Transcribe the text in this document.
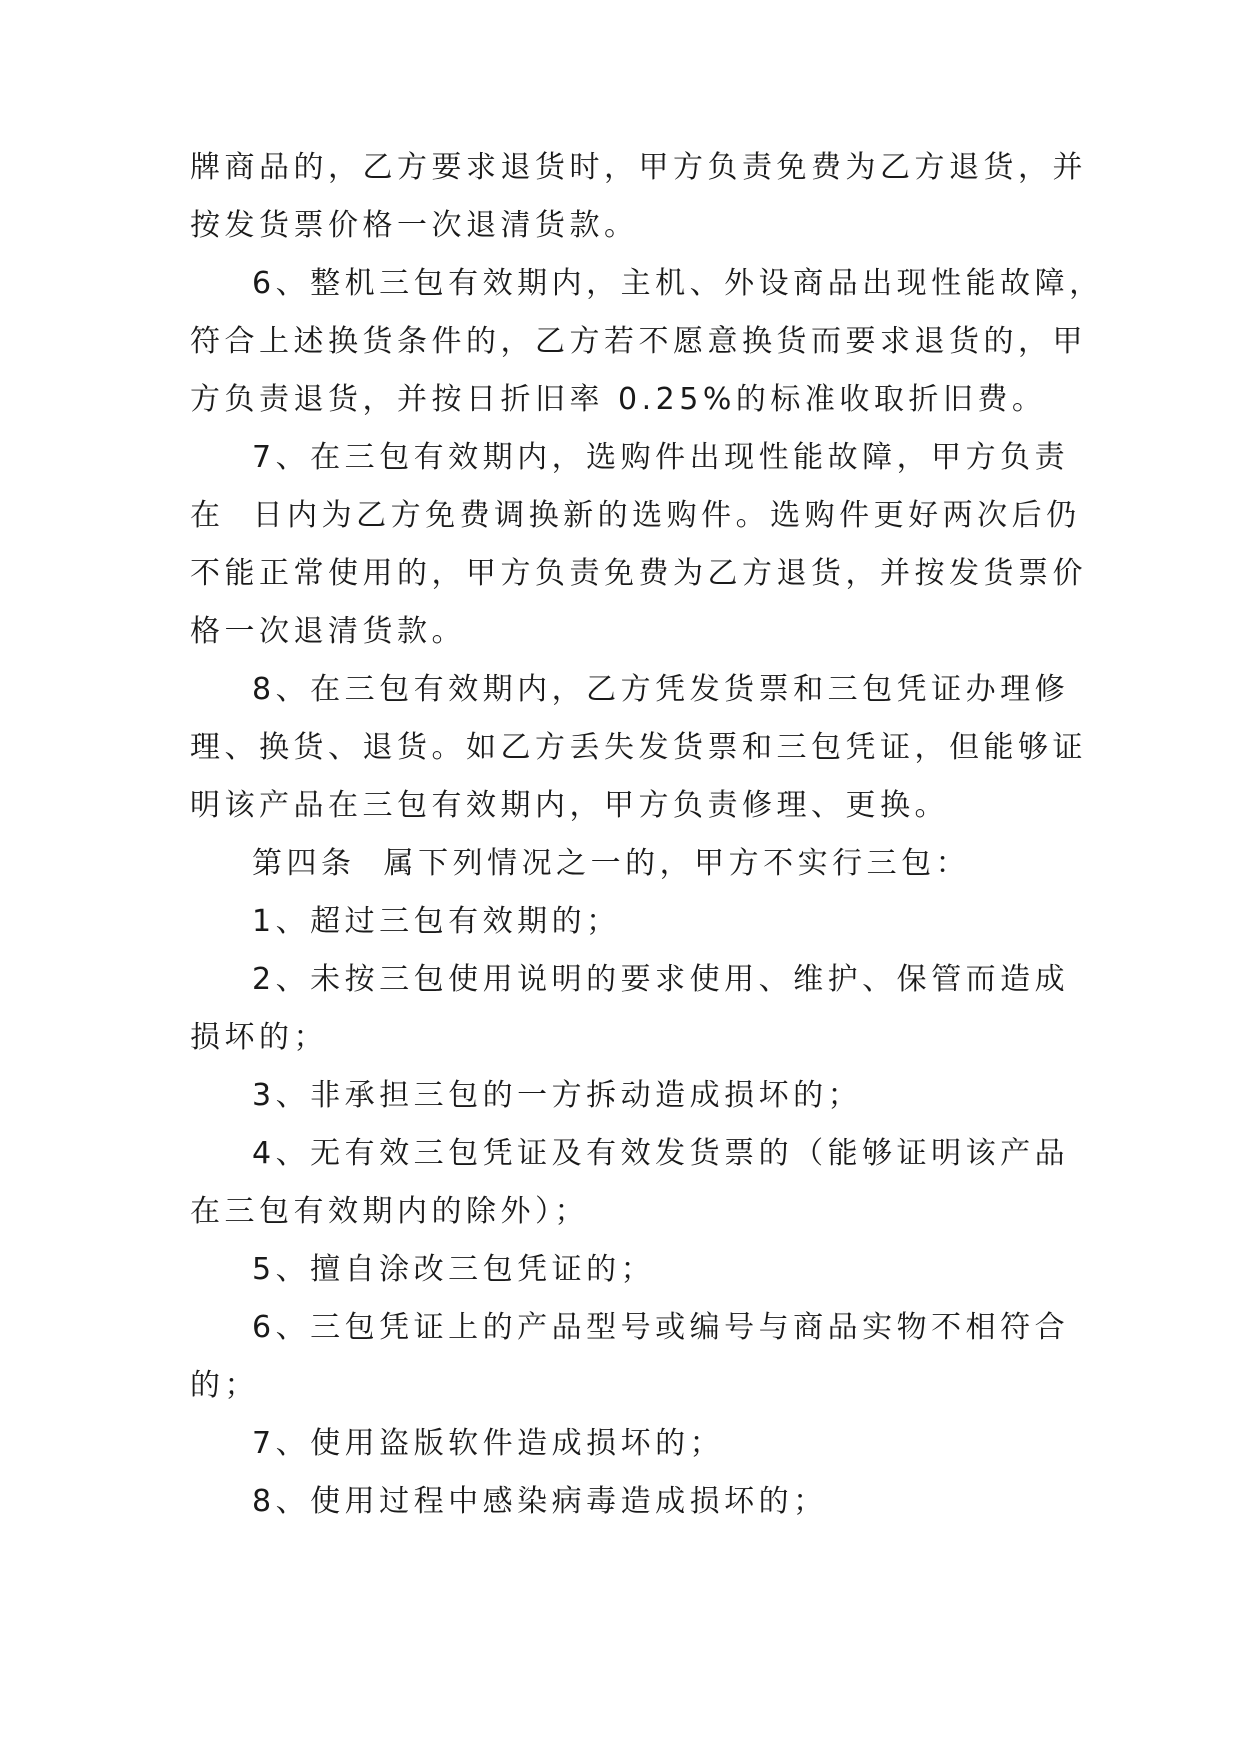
牌商品的，乙方要求退货时，甲方负责免费为乙方退货，并
按发货票价格一次退清货款。
6、整机三包有效期内，主机、外设商品出现性能故障，
符合上述换货条件的，乙方若不愿意换货而要求退货的，甲
方负责退货，并按日折旧率 0.25%的标准收取折旧费。
7、在三包有效期内，选购件出现性能故障，甲方负责
在  日内为乙方免费调换新的选购件。选购件更好两次后仍
不能正常使用的，甲方负责免费为乙方退货，并按发货票价
格一次退清货款。
8、在三包有效期内，乙方凭发货票和三包凭证办理修
理、换货、退货。如乙方丢失发货票和三包凭证，但能够证
明该产品在三包有效期内，甲方负责修理、更换。
第四条  属下列情况之一的，甲方不实行三包：
1、超过三包有效期的；
2、未按三包使用说明的要求使用、维护、保管而造成
损坏的；
3、非承担三包的一方拆动造成损坏的；
4、无有效三包凭证及有效发货票的（能够证明该产品
在三包有效期内的除外）；
5、擅自涂改三包凭证的；
6、三包凭证上的产品型号或编号与商品实物不相符合
的；
7、使用盗版软件造成损坏的；
8、使用过程中感染病毒造成损坏的；
